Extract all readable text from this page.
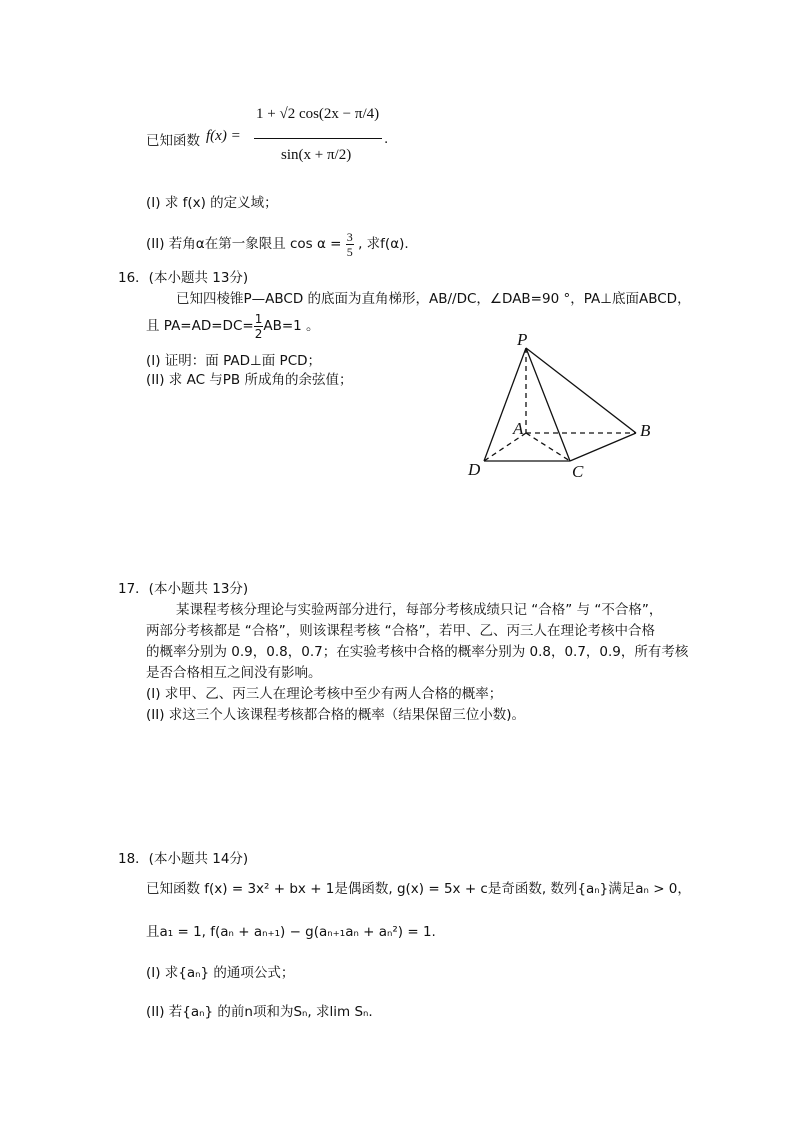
已知函数 f(x) =
1 + √2 cos(2x − π/4)
sin(x + π/2)
.
(I) 求 f(x) 的定义域；
(II) 若角α在第一象限且 $\cos \alpha = \frac{3}{5}$ , 求f(α).
16．(本小题共 13分)
已知四棱锥P—ABCD 的底面为直角梯形，AB//DC，∠DAB=90 °，PA⊥底面ABCD，
且 $PA=AD=DC= \frac{1}{2} AB=1$ 。
(I) 证明：面 PAD⊥面 PCD；
(II) 求 AC 与PB 所成角的余弦值；
P
A	B
C
D
17．(本小题共 13分)
某课程考核分理论与实验两部分进行，每部分考核成绩只记 “合格” 与 “不合格”，
两部分考核都是 “合格”，则该课程考核 “合格”，若甲、乙、丙三人在理论考核中合格
的概率分别为 0.9，0.8，0.7；在实验考核中合格的概率分别为 0.8，0.7，0.9，所有考核
是否合格相互之间没有影响。
(I) 求甲、乙、丙三人在理论考核中至少有两人合格的概率；
(II) 求这三个人该课程考核都合格的概率（结果保留三位小数)。
18．(本小题共 14分)
已知函数 f(x) = 3x² + bx + 1是偶函数, g(x) = 5x + c是奇函数, 数列{aₙ}满足aₙ > 0，
且a₁ = 1, f(aₙ + aₙ₊₁) − g(aₙ₊₁aₙ + aₙ²) = 1.
(I) 求{aₙ} 的通项公式；
(II) 若{aₙ} 的前n项和为Sₙ, 求lim Sₙ.
